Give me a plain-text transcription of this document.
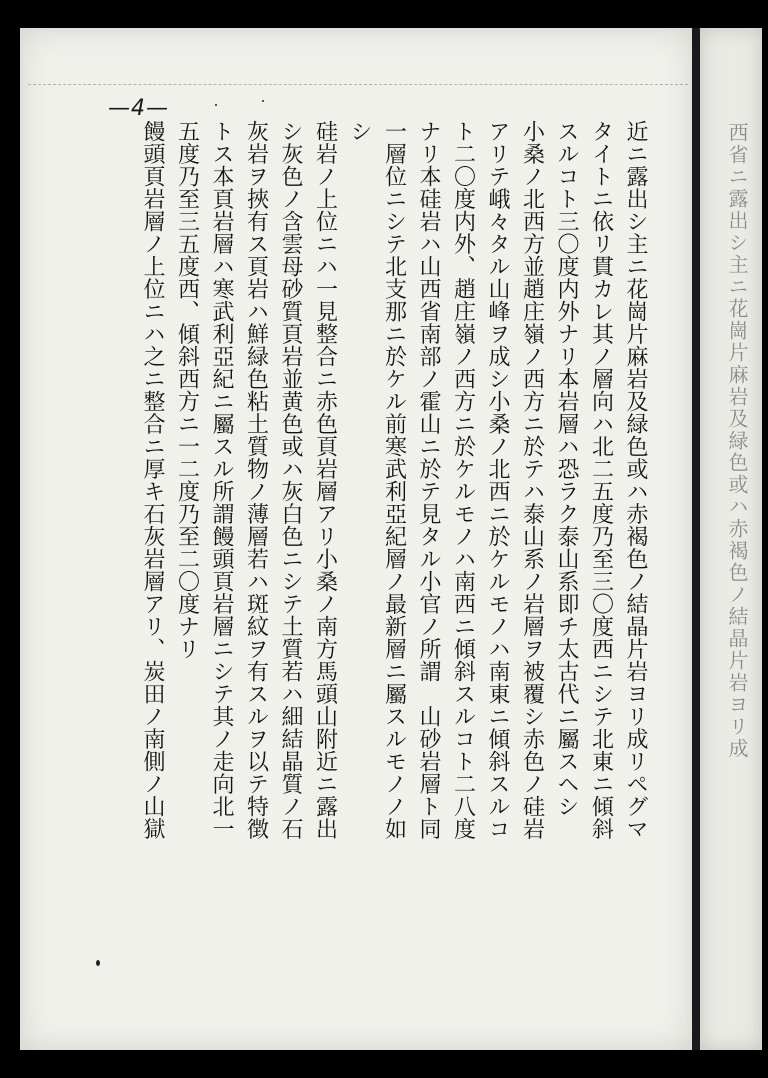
—4—
近ニ露出シ主ニ花崗片麻岩及緑色或ハ赤褐色ノ結晶片岩ヨリ成リペグマ
タイトニ依リ貫カレ其ノ層向ハ北二五度乃至三〇度西ニシテ北東ニ傾斜
スルコト三〇度内外ナリ本岩層ハ恐ラク泰山系即チ太古代ニ屬スヘシ
小桑ノ北西方並趙庄嶺ノ西方ニ於テハ泰山系ノ岩層ヲ被覆シ赤色ノ硅岩
アリテ峨々タル山峰ヲ成シ小桑ノ北西ニ於ケルモノハ南東ニ傾斜スルコ
ト二〇度内外、趙庄嶺ノ西方ニ於ケルモノハ南西ニ傾斜スルコト二八度
ナリ本硅岩ハ山西省南部ノ霍山ニ於テ見タル小官ノ所謂　山砂岩層ト同
一層位ニシテ北支那ニ於ケル前寒武利亞紀層ノ最新層ニ屬スルモノノ如
シ
硅岩ノ上位ニハ一見整合ニ赤色頁岩層アリ小桑ノ南方馬頭山附近ニ露出
シ灰色ノ含雲母砂質頁岩並黄色或ハ灰白色ニシテ土質若ハ細結晶質ノ石
灰岩ヲ挾有ス頁岩ハ鮮緑色粘土質物ノ薄層若ハ斑紋ヲ有スルヲ以テ特徴
トス本頁岩層ハ寒武利亞紀ニ屬スル所謂饅頭頁岩層ニシテ其ノ走向北一
五度乃至三五度西、傾斜西方ニ一二度乃至二〇度ナリ
饅頭頁岩層ノ上位ニハ之ニ整合ニ厚キ石灰岩層アリ、炭田ノ南側ノ山獄	西省ニ露出シ主ニ花崗片麻岩及緑色或ハ赤褐色ノ結晶片岩ヨリ成
